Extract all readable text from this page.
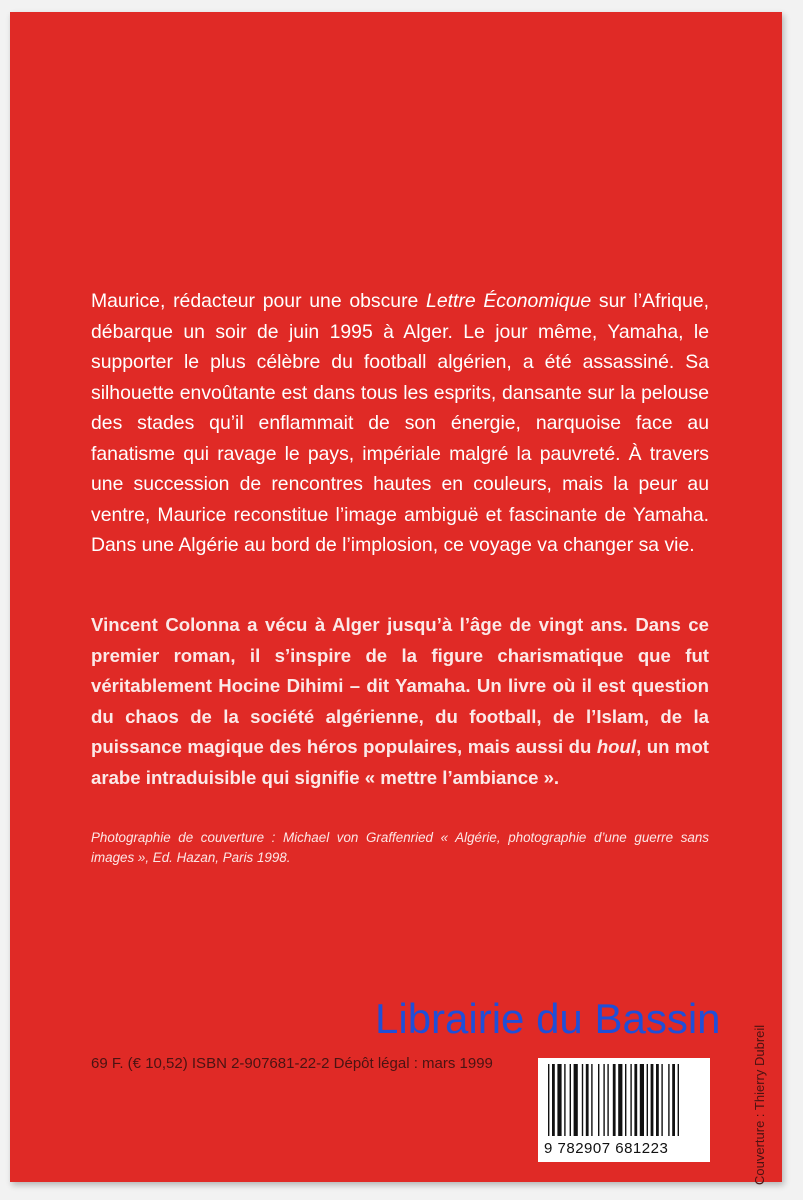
Maurice, rédacteur pour une obscure Lettre Économique sur l’Afrique, débarque un soir de juin 1995 à Alger. Le jour même, Yamaha, le supporter le plus célèbre du football algérien, a été assassiné. Sa silhouette envoûtante est dans tous les esprits, dansante sur la pelouse des stades qu’il enflammait de son énergie, narquoise face au fanatisme qui ravage le pays, impériale malgré la pauvreté. À travers une succession de rencontres hautes en couleurs, mais la peur au ventre, Maurice reconstitue l’image ambiguë et fascinante de Yamaha. Dans une Algérie au bord de l’implosion, ce voyage va changer sa vie.

Vincent Colonna a vécu à Alger jusqu’à l’âge de vingt ans. Dans ce premier roman, il s’inspire de la figure charismatique que fut véritablement Hocine Dihimi – dit Yamaha. Un livre où il est question du chaos de la société algérienne, du football, de l’Islam, de la puissance magique des héros populaires, mais aussi du houl, un mot arabe intraduisible qui signifie « mettre l’ambiance ».

Photographie de couverture : Michael von Graffenried « Algérie, photographie d’une guerre sans images », Ed. Hazan, Paris 1998.

69 F. (€ 10,52) ISBN 2-907681-22-2 Dépôt légal : mars 1999
9 782907 681223
Librairie du Bassin
Couverture : Thierry Dubreil
